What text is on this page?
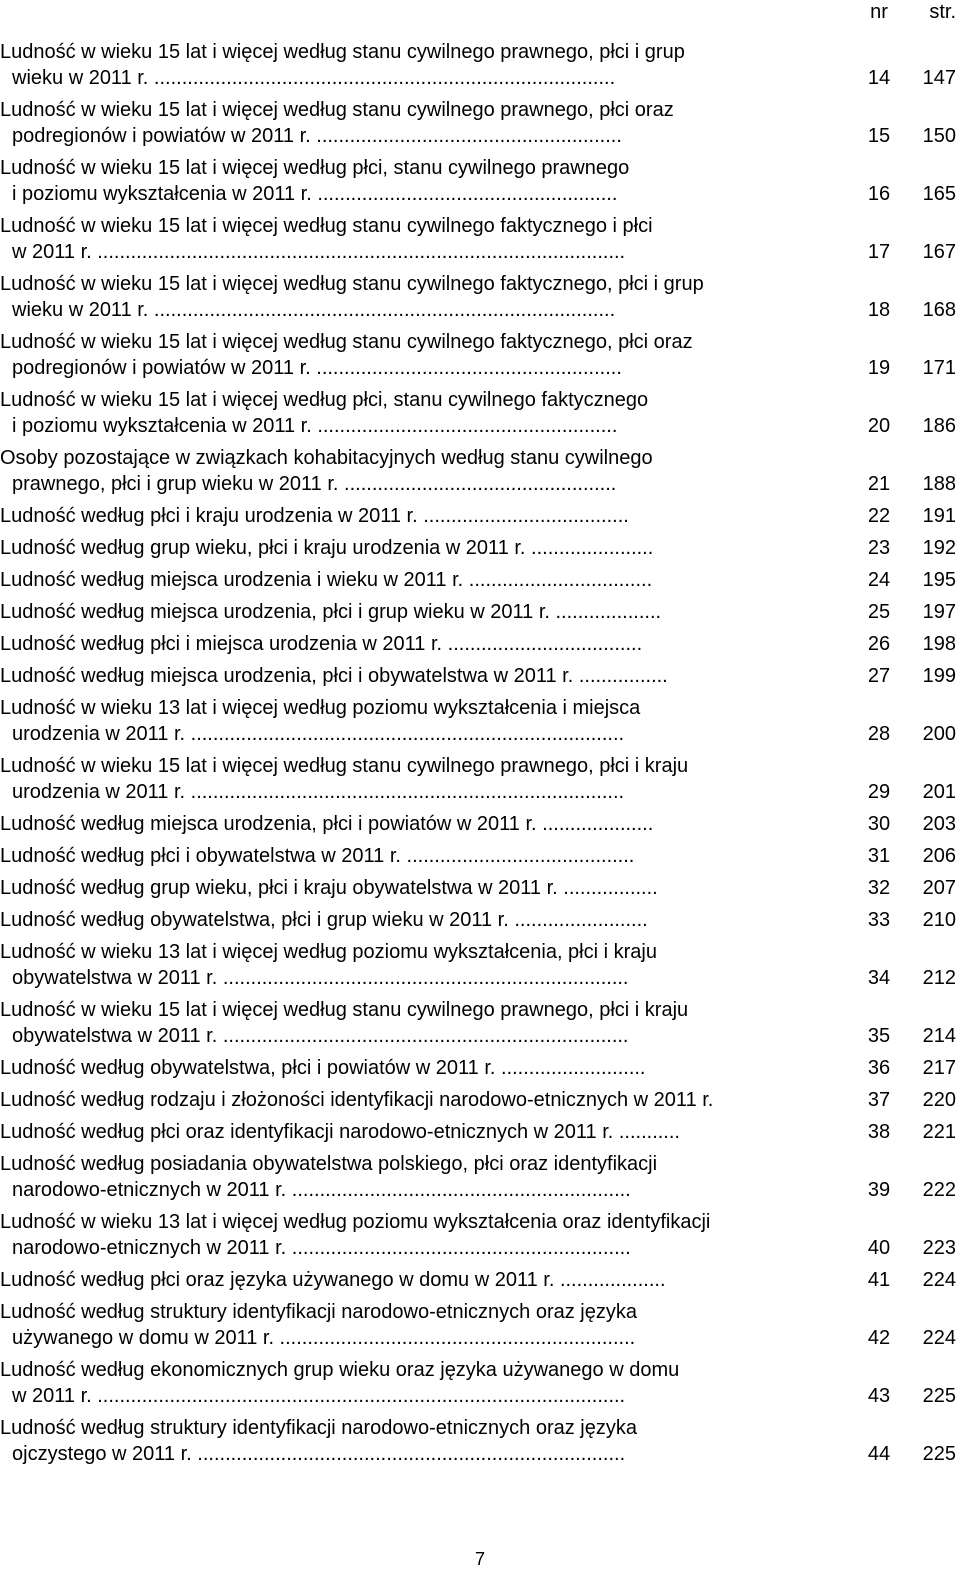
nr	str.
Ludność w wieku 15 lat i więcej według stanu cywilnego prawnego, płci i grup
wieku w 2011 r. ...................................................................................	14	147
Ludność w wieku 15 lat i więcej według stanu cywilnego prawnego, płci oraz
podregionów i powiatów w 2011 r. .......................................................	15	150
Ludność w wieku 15 lat i więcej według płci, stanu cywilnego prawnego
i poziomu wykształcenia w 2011 r. ......................................................	16	165
Ludność w wieku 15 lat i więcej według stanu cywilnego faktycznego i płci
w 2011 r. ...............................................................................................	17	167
Ludność w wieku 15 lat i więcej według stanu cywilnego faktycznego, płci i grup
wieku w 2011 r. ...................................................................................	18	168
Ludność w wieku 15 lat i więcej według stanu cywilnego faktycznego, płci oraz
podregionów i powiatów w 2011 r. .......................................................	19	171
Ludność w wieku 15 lat i więcej według płci, stanu cywilnego faktycznego
i poziomu wykształcenia w 2011 r. ......................................................	20	186
Osoby pozostające w związkach kohabitacyjnych według stanu cywilnego
prawnego, płci i grup wieku w 2011 r. .................................................	21	188
Ludność według płci i kraju urodzenia w 2011 r. .....................................	22	191
Ludność według grup wieku, płci i kraju urodzenia w 2011 r. ......................	23	192
Ludność według miejsca urodzenia i wieku w 2011 r. .................................	24	195
Ludność według miejsca urodzenia, płci i grup wieku w 2011 r. ...................	25	197
Ludność według płci i miejsca urodzenia w 2011 r. ...................................	26	198
Ludność według miejsca urodzenia, płci i obywatelstwa w 2011 r. ................	27	199
Ludność w wieku 13 lat i więcej według poziomu wykształcenia i miejsca
urodzenia w 2011 r. ..............................................................................	28	200
Ludność w wieku 15 lat i więcej według stanu cywilnego prawnego, płci i kraju
urodzenia w 2011 r. ..............................................................................	29	201
Ludność według miejsca urodzenia, płci i powiatów w 2011 r. ....................	30	203
Ludność według płci i obywatelstwa w 2011 r. .........................................	31	206
Ludność według grup wieku, płci i kraju obywatelstwa w 2011 r. .................	32	207
Ludność według obywatelstwa, płci i grup wieku w 2011 r. ........................	33	210
Ludność w wieku 13 lat i więcej według poziomu wykształcenia, płci i kraju
obywatelstwa w 2011 r. .........................................................................	34	212
Ludność w wieku 15 lat i więcej według stanu cywilnego prawnego, płci i kraju
obywatelstwa w 2011 r. .........................................................................	35	214
Ludność według obywatelstwa, płci i powiatów w 2011 r. ..........................	36	217
Ludność według rodzaju i złożoności identyfikacji narodowo-etnicznych w 2011 r.	37	220
Ludność według płci oraz identyfikacji narodowo-etnicznych w 2011 r. ...........	38	221
Ludność według posiadania obywatelstwa polskiego, płci oraz identyfikacji
narodowo-etnicznych w 2011 r. .............................................................	39	222
Ludność w wieku 13 lat i więcej według poziomu wykształcenia oraz identyfikacji
narodowo-etnicznych w 2011 r. .............................................................	40	223
Ludność według płci oraz języka używanego w domu w 2011 r. ...................	41	224
Ludność według struktury identyfikacji narodowo-etnicznych oraz języka
używanego w domu w 2011 r. ................................................................	42	224
Ludność według ekonomicznych grup wieku oraz języka używanego w domu
w 2011 r. ...............................................................................................	43	225
Ludność według struktury identyfikacji narodowo-etnicznych oraz języka
ojczystego w 2011 r. .............................................................................	44	225
7
